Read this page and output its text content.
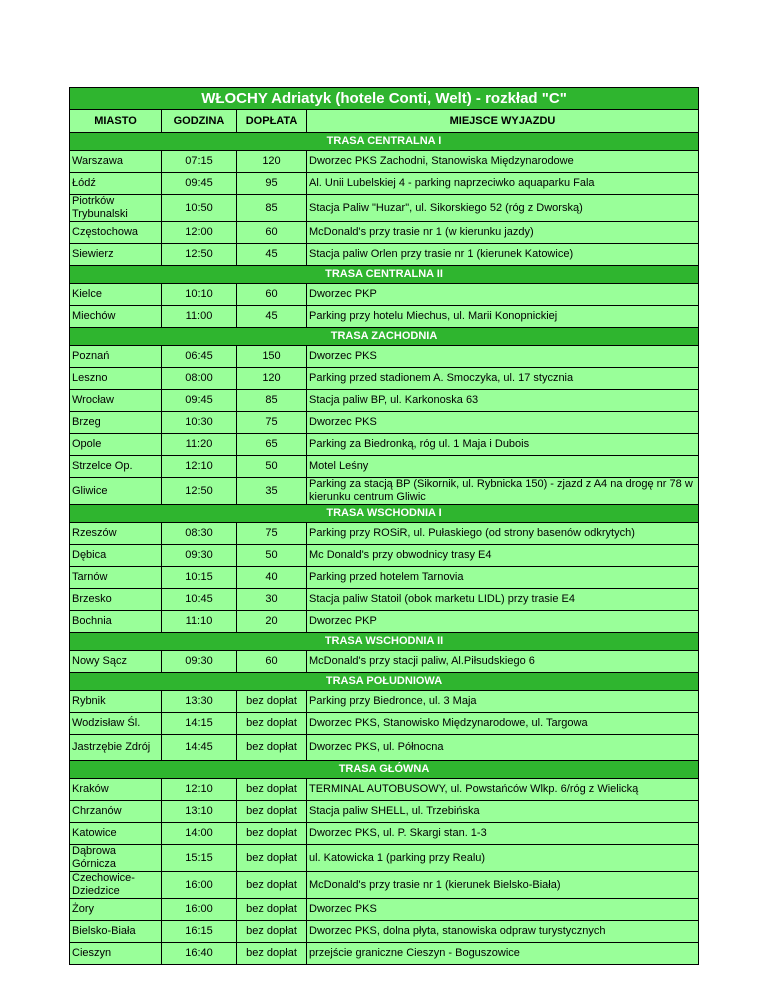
WŁOCHY Adriatyk (hotele Conti, Welt) - rozkład "C"			
MIASTO	GODZINA	DOPŁATA	MIEJSCE WYJAZDU
TRASA CENTRALNA I			
Warszawa	07:15	120	Dworzec PKS Zachodni, Stanowiska Międzynarodowe
Łódź	09:45	95	Al. Unii Lubelskiej 4 - parking naprzeciwko aquaparku Fala
Piotrków Trybunalski	10:50	85	Stacja Paliw "Huzar", ul. Sikorskiego 52 (róg z Dworską)
Częstochowa	12:00	60	McDonald's przy trasie nr 1 (w kierunku jazdy)
Siewierz	12:50	45	Stacja paliw Orlen przy trasie nr 1 (kierunek Katowice)
TRASA CENTRALNA II			
Kielce	10:10	60	Dworzec PKP
Miechów	11:00	45	Parking przy hotelu Miechus, ul. Marii Konopnickiej
TRASA ZACHODNIA			
Poznań	06:45	150	Dworzec PKS
Leszno	08:00	120	Parking przed stadionem A. Smoczyka, ul. 17 stycznia
Wrocław	09:45	85	Stacja paliw BP, ul. Karkonoska 63
Brzeg	10:30	75	Dworzec PKS
Opole	11:20	65	Parking za Biedronką, róg ul. 1 Maja i Dubois
Strzelce Op.	12:10	50	Motel Leśny
Gliwice	12:50	35	Parking za stacją BP (Sikornik, ul. Rybnicka 150) - zjazd z A4 na drogę nr 78 w kierunku centrum Gliwic
TRASA WSCHODNIA I			
Rzeszów	08:30	75	Parking przy ROSiR, ul. Pułaskiego (od strony basenów odkrytych)
Dębica	09:30	50	Mc Donald's przy obwodnicy trasy E4
Tarnów	10:15	40	Parking przed hotelem Tarnovia
Brzesko	10:45	30	Stacja paliw Statoil (obok marketu LIDL) przy trasie E4
Bochnia	11:10	20	Dworzec PKP
TRASA WSCHODNIA II			
Nowy Sącz	09:30	60	McDonald's przy stacji paliw, Al.Piłsudskiego 6
TRASA POŁUDNIOWA			
Rybnik	13:30	bez dopłat	Parking przy Biedronce, ul. 3 Maja
Wodzisław Śl.	14:15	bez dopłat	Dworzec PKS, Stanowisko Międzynarodowe, ul. Targowa
Jastrzębie Zdrój	14:45	bez dopłat	Dworzec PKS, ul. Północna
TRASA GŁÓWNA			
Kraków	12:10	bez dopłat	TERMINAL AUTOBUSOWY, ul. Powstańców Wlkp. 6/róg z Wielicką
Chrzanów	13:10	bez dopłat	Stacja paliw SHELL, ul. Trzebińska
Katowice	14:00	bez dopłat	Dworzec PKS, ul. P. Skargi stan. 1-3
Dąbrowa Górnicza	15:15	bez dopłat	ul. Katowicka 1 (parking przy Realu)
Czechowice-Dziedzice	16:00	bez dopłat	McDonald's przy trasie nr 1 (kierunek Bielsko-Biała)
Żory	16:00	bez dopłat	Dworzec PKS
Bielsko-Biała	16:15	bez dopłat	Dworzec PKS, dolna płyta, stanowiska odpraw turystycznych
Cieszyn	16:40	bez dopłat	przejście graniczne Cieszyn - Boguszowice
